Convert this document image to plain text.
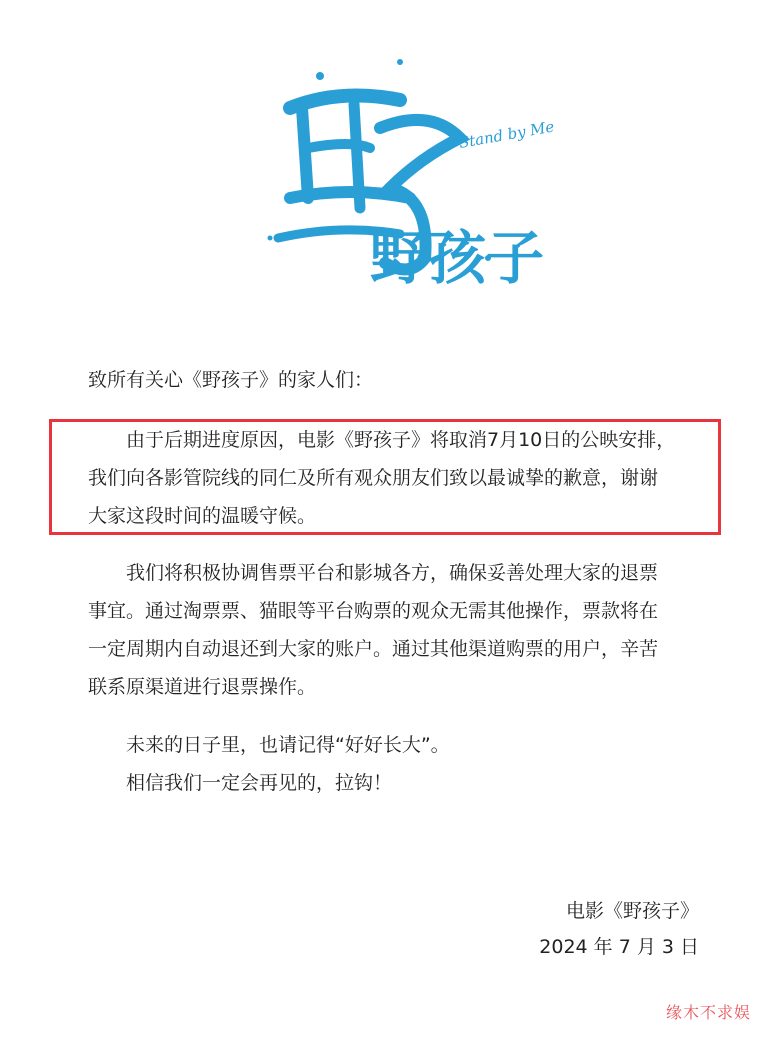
野孩子
Stand by Me
致所有关心《野孩子》的家人们：
由于后期进度原因，电影《野孩子》将取消7月10日的公映安排，
我们向各影管院线的同仁及所有观众朋友们致以最诚挚的歉意，谢谢
大家这段时间的温暖守候。
我们将积极协调售票平台和影城各方，确保妥善处理大家的退票
事宜。通过淘票票、猫眼等平台购票的观众无需其他操作，票款将在
一定周期内自动退还到大家的账户。通过其他渠道购票的用户，辛苦
联系原渠道进行退票操作。
未来的日子里，也请记得“好好长大”。
相信我们一定会再见的，拉钩！
电影《野孩子》
2024 年 7 月 3 日
缘木不求娱
